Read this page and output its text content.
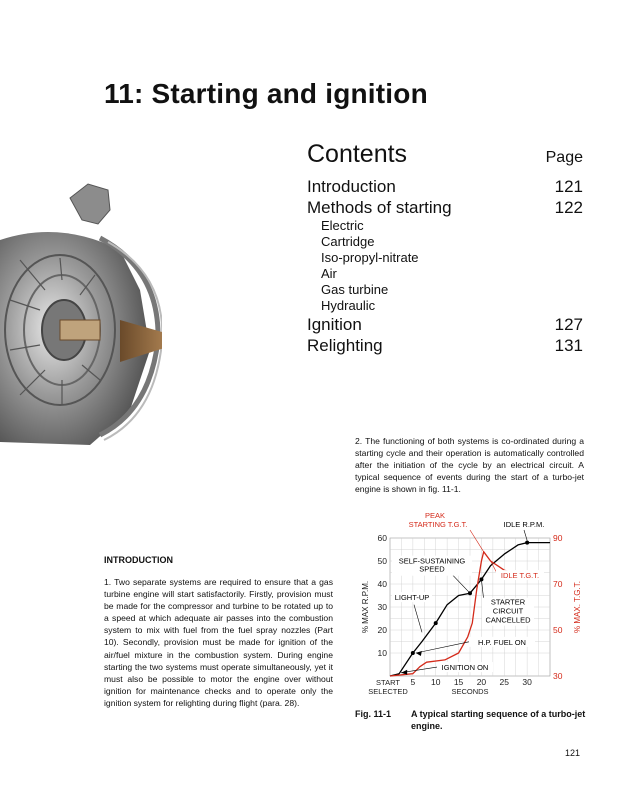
11: Starting and ignition
Contents	Page
Introduction	121
Methods of starting	122
Electric
Cartridge
Iso-propyl-nitrate
Air
Gas turbine
Hydraulic
Ignition	127
Relighting	131
2. The functioning of both systems is co-ordinated during a starting cycle and their operation is automatically controlled after the initiation of the cycle by an electrical circuit. A typical sequence of events during the start of a turbo-jet engine is shown in fig. 11-1.
INTRODUCTION
1. Two separate systems are required to ensure that a gas turbine engine will start satisfactorily. Firstly, provision must be made for the compressor and turbine to be rotated up to a speed at which adequate air passes into the combustion system to mix with fuel from the fuel spray nozzles (Part 10). Secondly, provision must be made for ignition of the air/fuel mixture in the combustion system. During engine starting the two systems must operate simultaneously, yet it must also be possible to motor the engine over without ignition for maintenance checks and to operate only the ignition system for relighting during flight (para. 28).
10
20
30
40
50
60
30
50
70
90
5 10 15 20 25 30
START
SELECTED	SECONDS
% MAX R.P.M.	% MAX. T.G.T.
PEAK
STARTING T.G.T.	IDLE R.P.M.
SELF-SUSTAINING
SPEED
IDLE T.G.T.
LIGHT-UP
STARTER
CIRCUIT
CANCELLED
H.P. FUEL ON
IGNITION ON
Fig. 11-1 A typical starting sequence of a turbo-jet engine.
121
